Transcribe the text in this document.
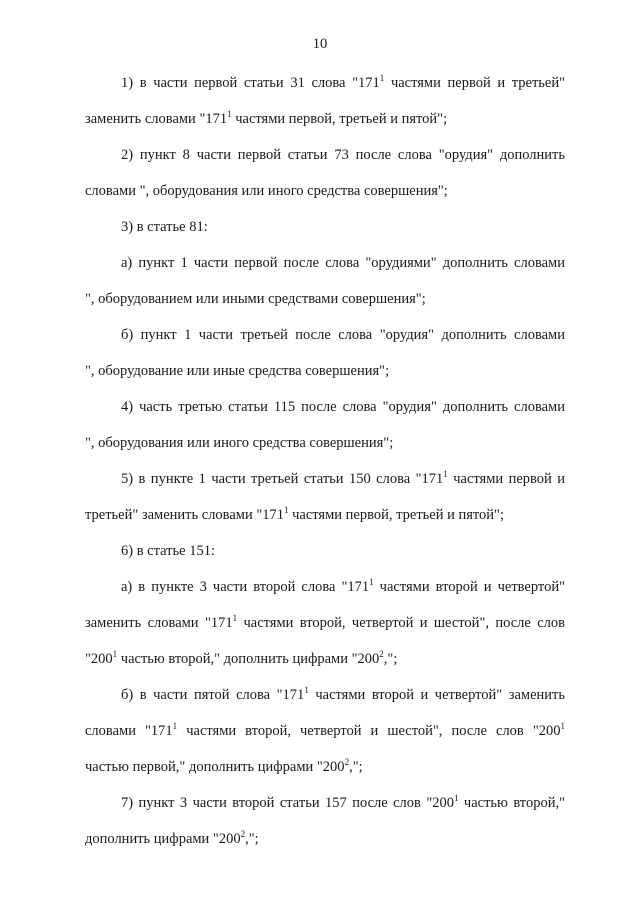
10
1) в части первой статьи 31 слова "$171^1$ частями первой и третьей"
заменить словами "$171^1$ частями первой, третьей и пятой";
2) пункт 8 части первой статьи 73 после слова "орудия" дополнить
словами ", оборудования или иного средства совершения";
3) в статье 81:
а) пункт 1 части первой после слова "орудиями" дополнить словами
", оборудованием или иными средствами совершения";
б) пункт 1 части третьей после слова "орудия" дополнить словами
", оборудование или иные средства совершения";
4) часть третью статьи 115 после слова "орудия" дополнить словами
", оборудования или иного средства совершения";
5) в пункте 1 части третьей статьи 150 слова "$171^1$ частями первой и
третьей" заменить словами "$171^1$ частями первой, третьей и пятой";
6) в статье 151:
а) в пункте 3 части второй слова "$171^1$ частями второй и четвертой"
заменить словами "$171^1$ частями второй, четвертой и шестой", после слов
"$200^1$ частью второй," дополнить цифрами "$200^2$,";
б) в части пятой слова "$171^1$ частями второй и четвертой" заменить
словами "$171^1$ частями второй, четвертой и шестой", после слов "$200^1$
частью первой," дополнить цифрами "$200^2$,";
7) пункт 3 части второй статьи 157 после слов "$200^1$ частью второй,"
дополнить цифрами "$200^2$,";
